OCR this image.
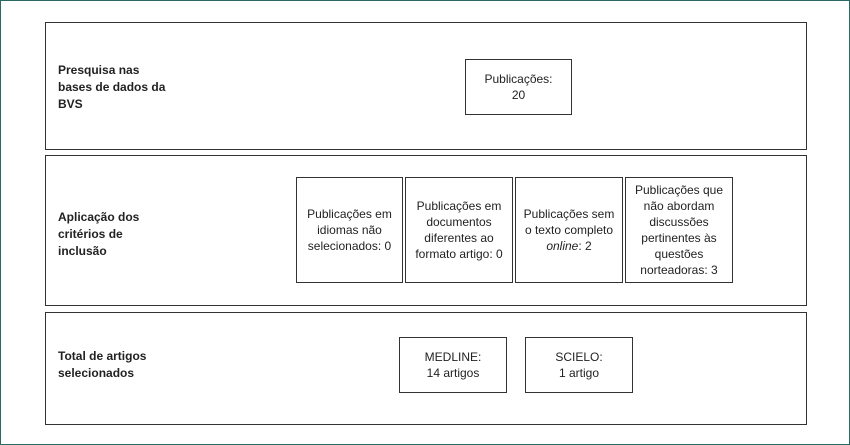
Presquisa nas bases de dados da BVS
Publicações:
20
Aplicação dos critérios de inclusão
Publicações em idiomas não selecionados: 0
Publicações em documentos diferentes ao formato artigo: 0
Publicações sem o texto completo
online: 2
Publicações que não abordam discussões pertinentes às questões norteadoras: 3
Total de artigos selecionados
MEDLINE:
14 artigos
SCIELO:
1 artigo
